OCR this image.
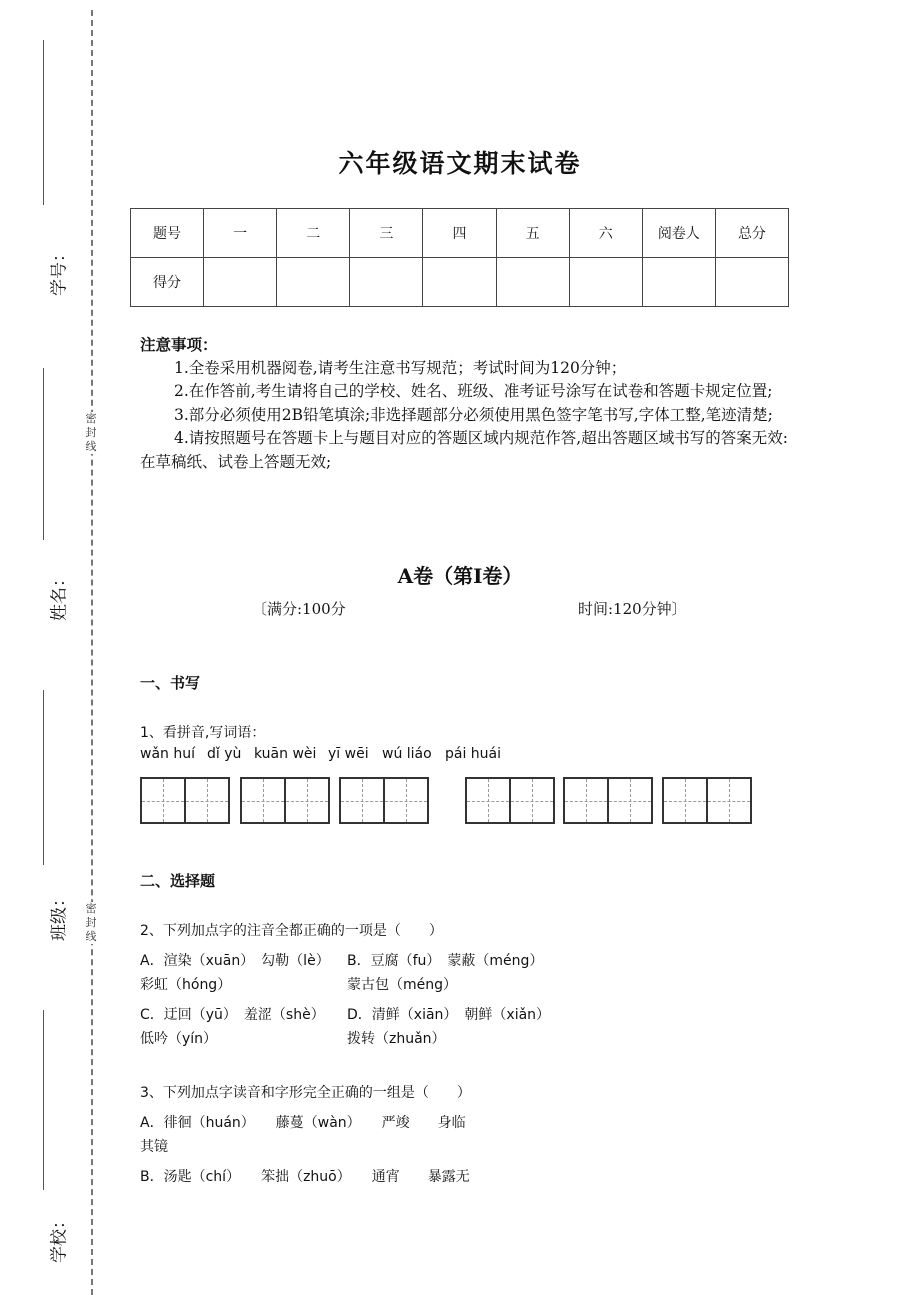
密封线
密封线
学号：
姓名：
班级：
学校：
六年级语文期末试卷
题号	一	二	三	四	五	六	阅卷人	总分
得分								
注意事项：
1.全卷采用机器阅卷,请考生注意书写规范；考试时间为120分钟；
2.在作答前,考生请将自己的学校、姓名、班级、准考证号涂写在试卷和答题卡规定位置;
3.部分必须使用2B铅笔填涂;非选择题部分必须使用黑色签字笔书写,字体工整,笔迹清楚;
4.请按照题号在答题卡上与题目对应的答题区域内规范作答,超出答题区域书写的答案无效:在草稿纸、试卷上答题无效;
A卷（第I卷）
〔满分:100分	时间:120分钟〕
一、书写
1、看拼音,写词语：
wǎn huí dǐ yù kuān wèi yī wēi wú liáo pái huái
二、选择题
2、下列加点字的注音全都正确的一项是（　　）
A．渲染（xuān）　勾勒（lè）
彩虹（hóng）
B．豆腐（fu）　蒙蔽（méng）
蒙古包（méng）
C．迂回（yū）　羞涩（shè）
低吟（yín）
D．清鲜（xiān）　朝鲜（xiǎn）
拨转（zhuǎn）
3、下列加点字读音和字形完全正确的一组是（　　）
A．徘徊（huán）　　藤蔓（wàn）　　严竣　　身临
其镜
B．汤匙（chí）　　笨拙（zhuō）　　通宵　　暴露无
